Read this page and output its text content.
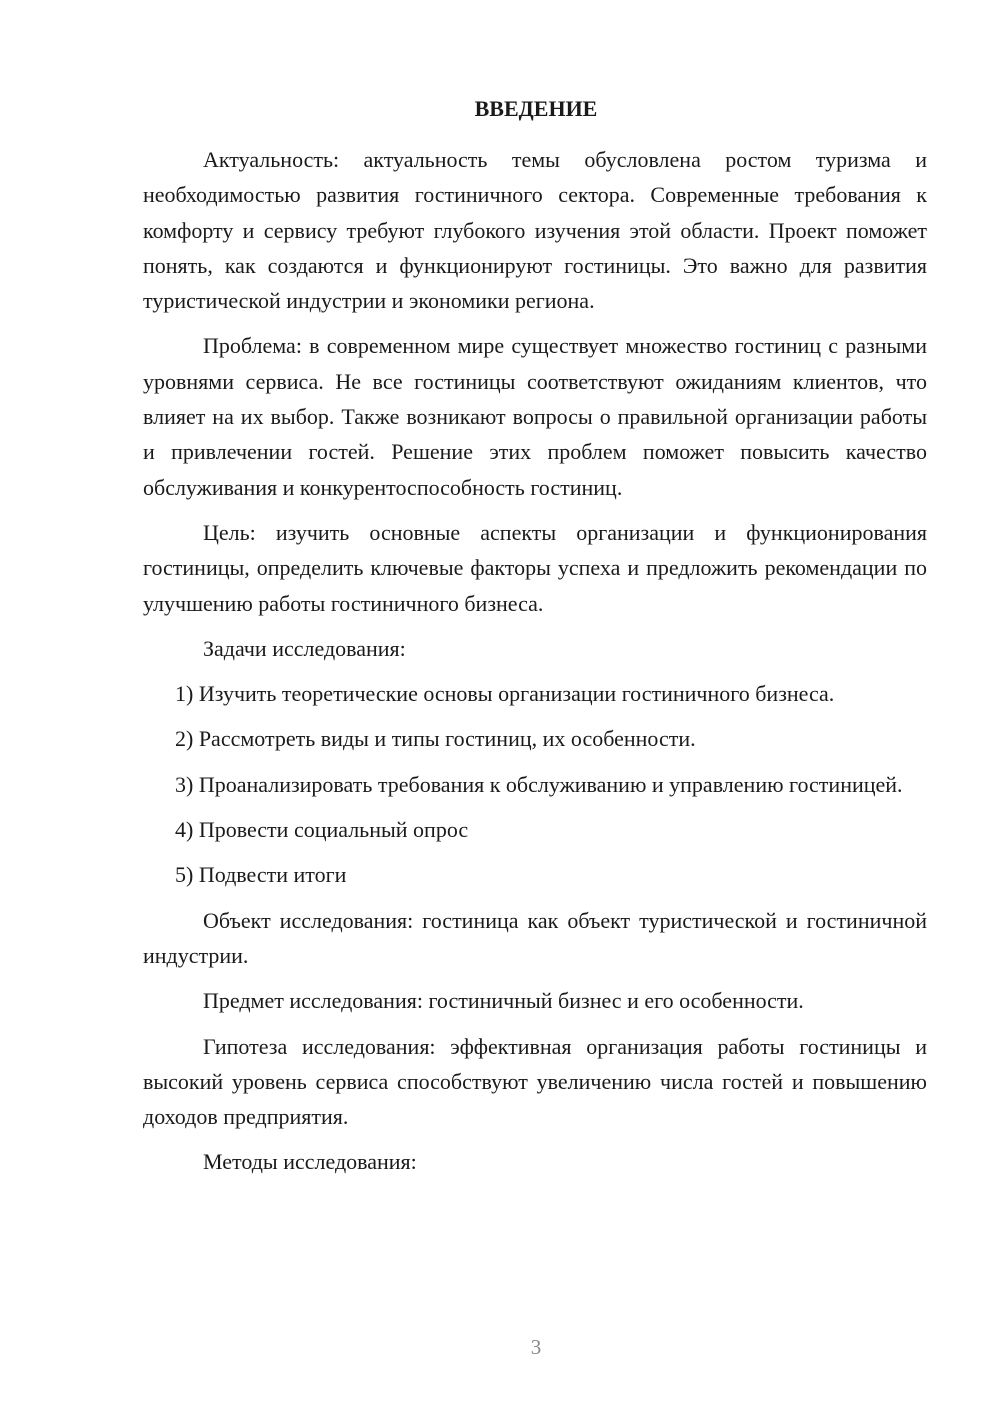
ВВЕДЕНИЕ

Актуальность: актуальность темы обусловлена ростом туризма и необходимостью развития гостиничного сектора. Современные требования к комфорту и сервису требуют глубокого изучения этой области. Проект поможет понять, как создаются и функционируют гостиницы. Это важно для развития туристической индустрии и экономики региона.

Проблема: в современном мире существует множество гостиниц с разными уровнями сервиса. Не все гостиницы соответствуют ожиданиям клиентов, что влияет на их выбор. Также возникают вопросы о правильной организации работы и привлечении гостей. Решение этих проблем поможет повысить качество обслуживания и конкурентоспособность гостиниц.

Цель: изучить основные аспекты организации и функционирования гостиницы, определить ключевые факторы успеха и предложить рекомендации по улучшению работы гостиничного бизнеса.

Задачи исследования:

1) Изучить теоретические основы организации гостиничного бизнеса.

2) Рассмотреть виды и типы гостиниц, их особенности.

3) Проанализировать требования к обслуживанию и управлению гостиницей.

4) Провести социальный опрос

5) Подвести итоги

Объект исследования: гостиница как объект туристической и гостиничной индустрии.

Предмет исследования: гостиничный бизнес и его особенности.

Гипотеза исследования: эффективная организация работы гостиницы и высокий уровень сервиса способствуют увеличению числа гостей и повышению доходов предприятия.

Методы исследования:

3
